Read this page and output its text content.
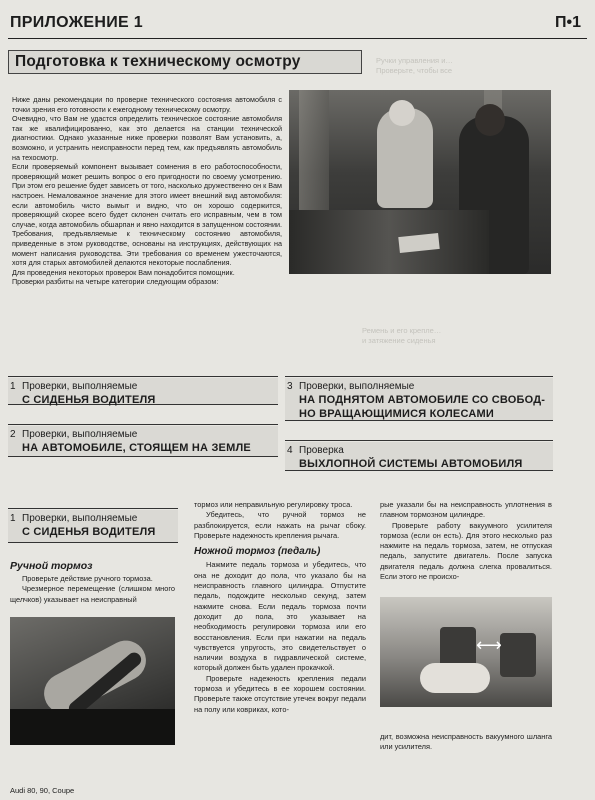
ПРИЛОЖЕНИЕ 1	П•1
Подготовка к техническому осмотру	Ручки управления и…
Проверьте, чтобы все
Ремень и его крепле…
и затяжение сиденья

Ниже даны рекомендации по проверке технического состояния автомобиля с точки зрения его готовности к ежегодному техническому осмотру.

Очевидно, что Вам не удастся определить техническое состояние автомобиля так же квалифицированно, как это делается на станции технической диагностики. Однако указанные ниже проверки позволят Вам установить, а, возможно, и устранить неисправности перед тем, как предъявлять автомобиль на техосмотр.

Если проверяемый компонент вызывает сомнения в его работоспособности, проверяющий может решить вопрос о его пригодности по своему усмотрению. При этом его решение будет зависеть от того, насколько дружественно он к Вам настроен. Немаловажное значение для этого имеет внешний вид автомобиля: если автомобиль чисто вымыт и видно, что он хорошо содержится, проверяющий скорее всего будет склонен считать его исправным, чем в том случае, когда автомобиль обшарпан и явно находится в запущенном состоянии.

Требования, предъявляемые к техническому состоянию автомобиля, приведенные в этом руководстве, основаны на инструкциях, действующих на момент написания руководства. Эти требования со временем ужесточаются, хотя для старых автомобилей делаются некоторые послабления.

Для проведения некоторых проверок Вам понадобится помощник.

Проверки разбиты на четыре категории следующим образом:

1 Проверки, выполняемые
С СИДЕНЬЯ ВОДИТЕЛЯ
2 Проверки, выполняемые
НА АВТОМОБИЛЕ, СТОЯЩЕМ НА ЗЕМЛЕ
3 Проверки, выполняемые
НА ПОДНЯТОМ АВТОМОБИЛЕ СО СВОБОД-
НО ВРАЩАЮЩИМИСЯ КОЛЕСАМИ
4 Проверка
ВЫХЛОПНОЙ СИСТЕМЫ АВТОМОБИЛЯ
1 Проверки, выполняемые
С СИДЕНЬЯ ВОДИТЕЛЯ
Ручной тормоз

Проверьте действие ручного тормоза.

Чрезмерное перемещение (слишком много щелчков) указывает на неисправный

тормоз или неправильную регулировку троса.

Убедитесь, что ручной тормоз не разблокируется, если нажать на рычаг сбоку. Проверьте надежность крепления рычага.

Ножной тормоз (педаль)

Нажмите педаль тормоза и убедитесь, что она не доходит до пола, что указало бы на неисправность главного цилиндра. Отпустите педаль, подождите несколько секунд, затем нажмите снова. Если педаль тормоза почти доходит до пола, это указывает на необходимость регулировки тормоза или его восстановления. Если при нажатии на педаль чувствуется упругость, это свидетельствует о наличии воздуха в гидравлической системе, который должен быть удален прокачкой.

Проверьте надежность крепления педали тормоза и убедитесь в ее хорошем состоянии. Проверьте также отсутствие утечек вокруг педали на полу или ковриках, кото-

рые указали бы на неисправность уплотнения в главном тормозном цилиндре.

Проверьте работу вакуумного усилителя тормоза (если он есть). Для этого несколько раз нажмите на педаль тормоза, затем, не отпуская педаль, запустите двигатель. После запуска двигателя педаль должна слегка провалиться. Если этого не происхо-

⟷

дит, возможна неисправность вакуумного шланга или усилителя.

Audi 80, 90, Coupe
